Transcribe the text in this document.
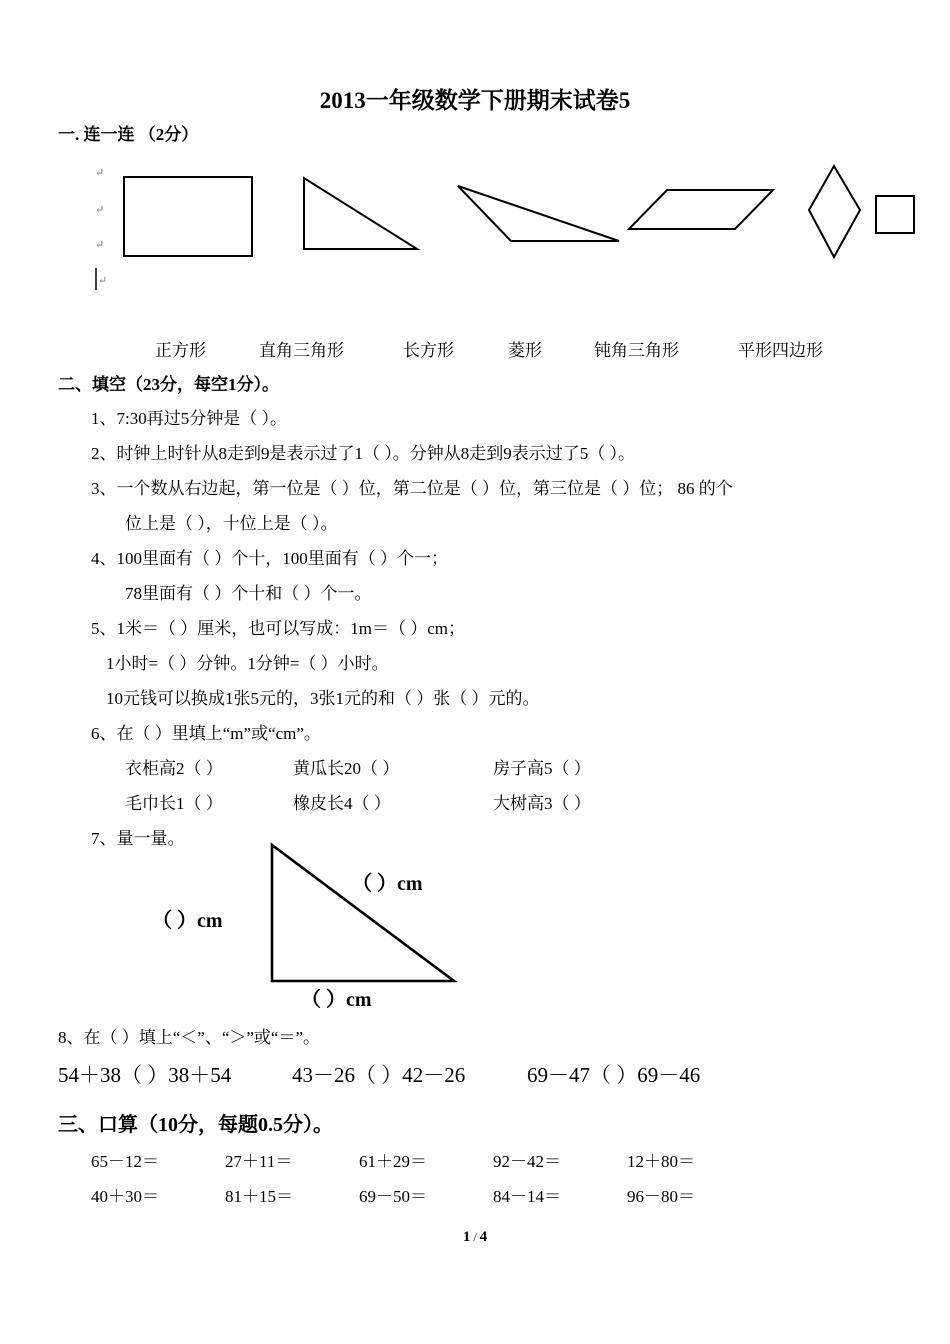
2013一年级数学下册期末试卷5
一. 连一连 （2分）
↵
↵
↵
↵
正方形	直角三角形	长方形	菱形	钝角三角形	平形四边形
二、填空（23分，每空1分）。
1、7:30再过5分钟是（ ）。
2、时钟上时针从8走到9是表示过了1（ ）。分钟从8走到9表示过了5（ ）。
3、一个数从右边起，第一位是（ ）位，第二位是（ ）位，第三位是（ ）位； 86 的个
位上是（ ），十位上是（ ）。
4、100里面有（ ）个十，100里面有（ ）个一；
78里面有（ ）个十和（ ）个一。
5、1米＝（ ）厘米，也可以写成：1m＝（ ）cm；
1小时=（ ）分钟。1分钟=（ ）小时。
10元钱可以换成1张5元的，3张1元的和（ ）张（ ）元的。
6、在（ ）里填上“m”或“cm”。
衣柜高2（ ）	黄瓜长20（ ）	房子高5（ ）
毛巾长1（ ）	橡皮长4（ ）	大树高3（ ）
7、量一量。
（ ）cm
（ ）cm
（ ）cm
8、在（ ）填上“＜”、“＞”或“＝”。
54＋38（ ）38＋54	43－26（ ）42－26	69－47（ ）69－46
三、口算（10分，每题0.5分）。
65－12＝	27＋11＝	61＋29＝	92－42＝	12＋80＝
40＋30＝	81＋15＝	69－50＝	84－14＝	96－80＝
1 / 4
